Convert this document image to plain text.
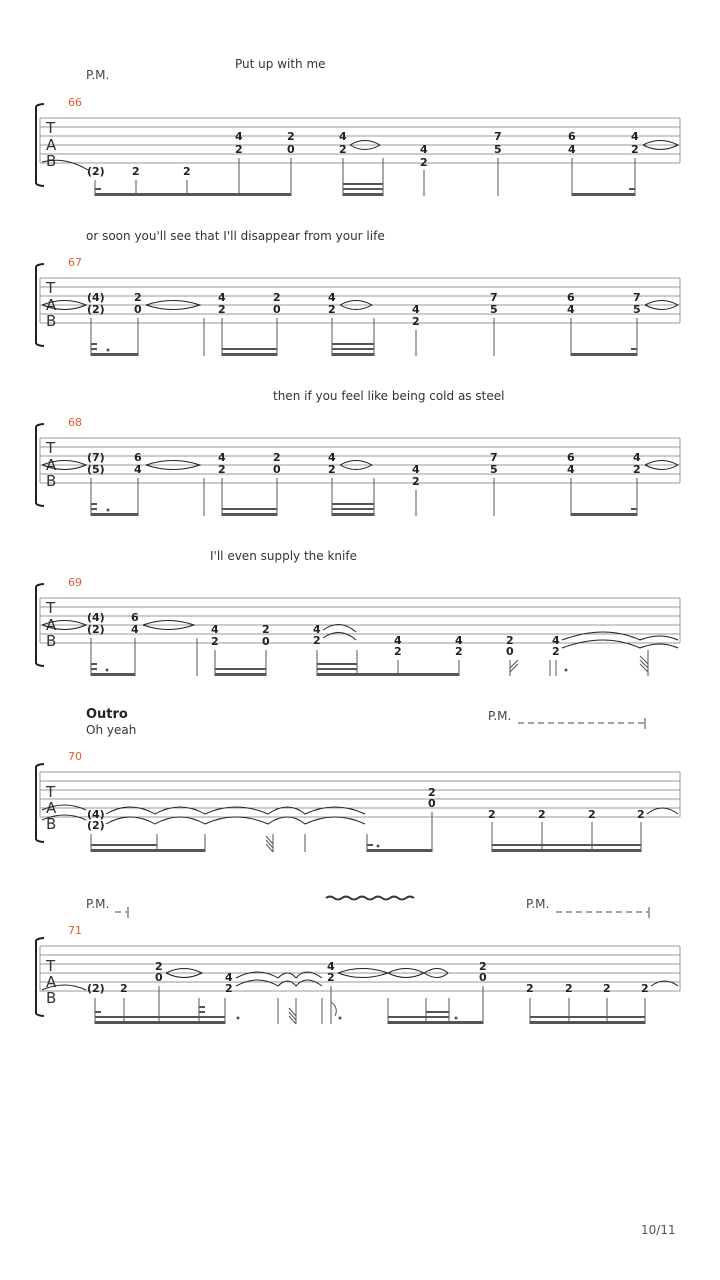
P.M.
Put up with me
66
T
A
B
(2) 2	2
4
2
2
0
4
2	4
2
7
5
6
4
4
2
or soon you'll see that I'll disappear from your life
67
T
A
B
(4)
(2)
2
0
4
2
2
0
4
2	4
2
7
5
6
4
7
5
then if you feel like being cold as steel
68
T
A
B
(7)
(5)
6
4
4
2
2
0
4
2	4
2
7
5
6
4
4
2
I'll even supply the knife
69
T
A
B
(4)
(2)
6
4	4
2
2
0
4
2	4
2
4
2
2
0
4
2
Outro
Oh yeah
P.M.
70
T
A
B
(4)
(2)
2
0
2	2	2	2
P.M.	P.M.
71
T
A
B
(2) 2
2
0	4
2
4
2
2
0
2	2	2	2
10/11
